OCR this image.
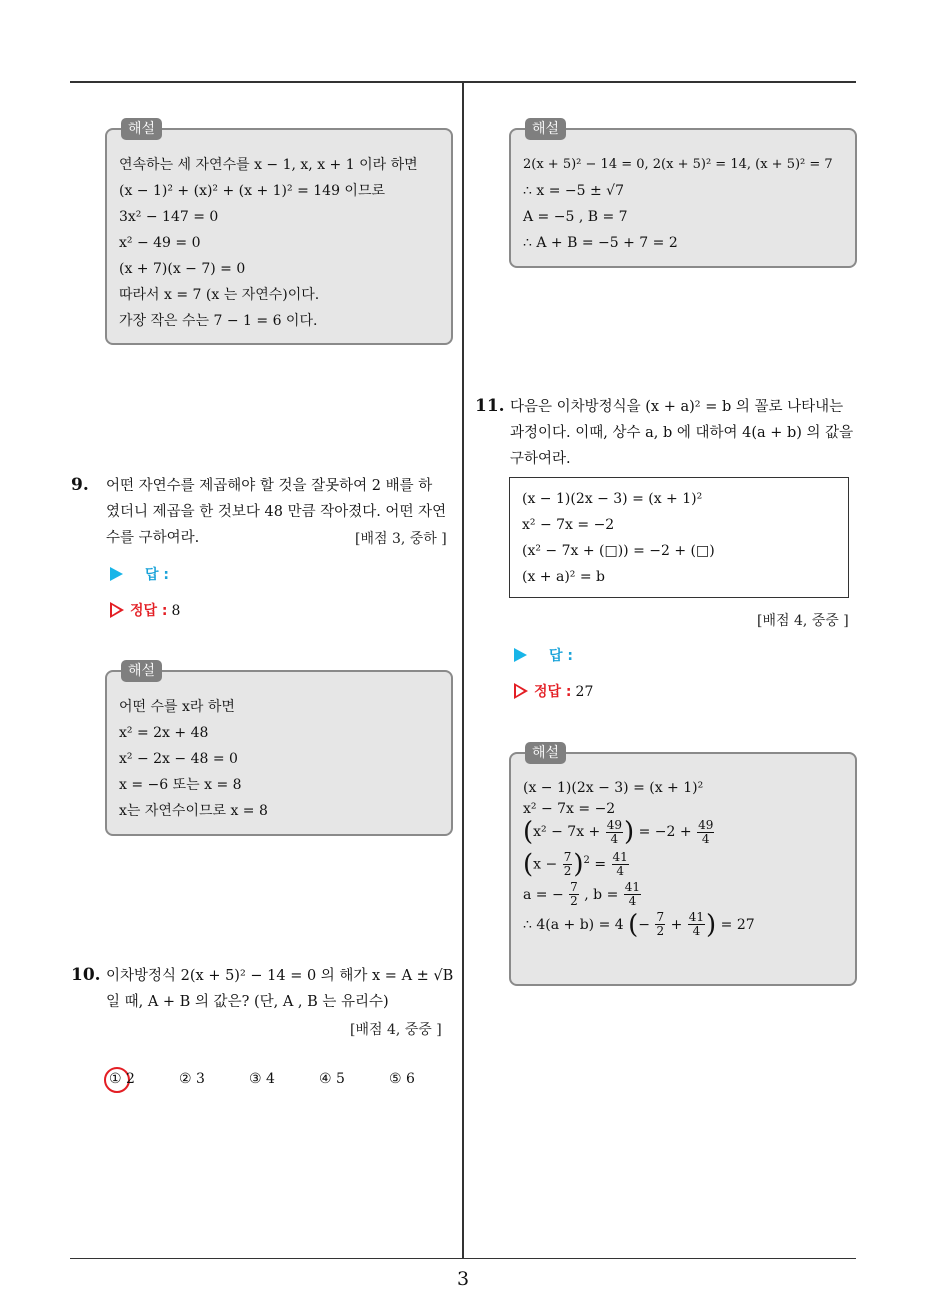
해설
연속하는 세 자연수를 x − 1, x, x + 1 이라 하면
(x − 1)² + (x)² + (x + 1)² = 149 이므로
3x² − 147 = 0
x² − 49 = 0
(x + 7)(x − 7) = 0
따라서 x = 7 (x 는 자연수)이다.
가장 작은 수는 7 − 1 = 6 이다.
9. 어떤 자연수를 제곱해야 할 것을 잘못하여 2 배를 하
였더니 제곱을 한 것보다 48 만큼 작아졌다. 어떤 자연
수를 구하여라.	[배점 3, 중하 ]
답 :
정답 : 8
해설
어떤 수를 x라 하면
x² = 2x + 48
x² − 2x − 48 = 0
x = −6 또는 x = 8
x는 자연수이므로 x = 8
10. 이차방정식 2(x + 5)² − 14 = 0 의 해가 x = A ± √B
일 때, A + B 의 값은? (단, A , B 는 유리수)
[배점 4, 중중 ]
① 2	② 3	③ 4	④ 5	⑤ 6
해설
2(x + 5)² − 14 = 0, 2(x + 5)² = 14, (x + 5)² = 7
∴ x = −5 ± √7
A = −5 , B = 7
∴ A + B = −5 + 7 = 2
11. 다음은 이차방정식을 (x + a)² = b 의 꼴로 나타내는
과정이다. 이때, 상수 a, b 에 대하여 4(a + b) 의 값을
구하여라.
(x − 1)(2x − 3) = (x + 1)²
x² − 7x = −2
(x² − 7x + (□)) = −2 + (□)
(x + a)² = b
[배점 4, 중중 ]
답 :
정답 : 27
해설
(x − 1)(2x − 3) = (x + 1)²
x² − 7x = −2
($x^2 - 7x + \frac{49}{4}$ ) = $-2 + \frac{49}{4}$
$(x - \frac{7}{2} )^2 = \frac{41}{4}$
a = − $\frac{7}{2}$ , $b = \frac{41}{4}$
∴ 4(a + b) = 4 (− $\frac{7}{2} + \frac{41}{4}$ ) = 27
3
